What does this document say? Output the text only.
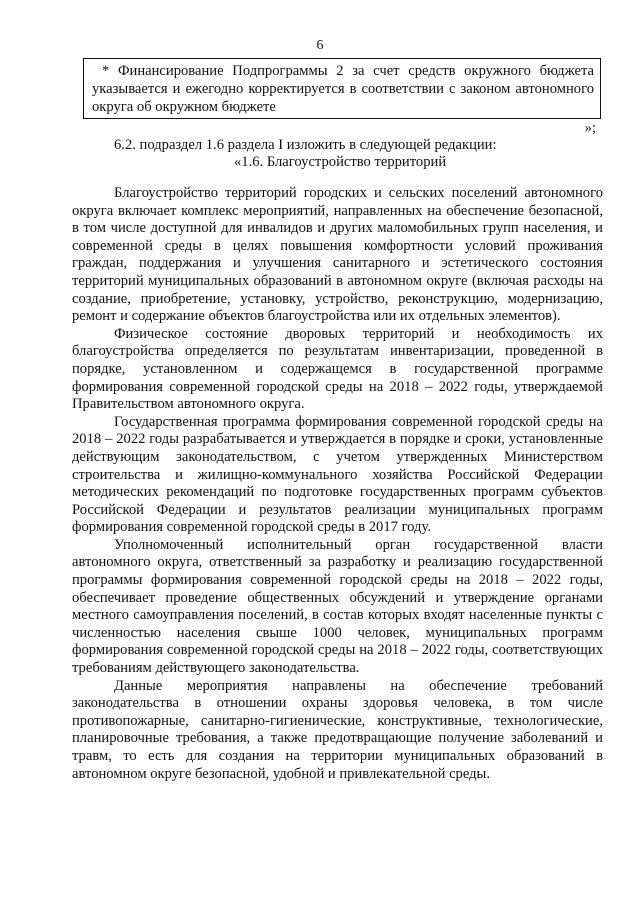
6
* Финансирование Подпрограммы 2 за счет средств окружного бюджета указывается и ежегодно корректируется в соответствии с законом автономного округа об окружном бюджете
»;
6.2. подраздел 1.6 раздела I изложить в следующей редакции:
«1.6. Благоустройство территорий

Благоустройство территорий городских и сельских поселений автономного округа включает комплекс мероприятий, направленных на обеспечение безопасной, в том числе доступной для инвалидов и других маломобильных групп населения, и современной среды в целях повышения комфортности условий проживания граждан, поддержания и улучшения санитарного и эстетического состояния территорий муниципальных образований в автономном округе (включая расходы на создание, приобретение, установку, устройство, реконструкцию, модернизацию, ремонт и содержание объектов благоустройства или их отдельных элементов).

Физическое состояние дворовых территорий и необходимость их благоустройства определяется по результатам инвентаризации, проведенной в порядке, установленном и содержащемся в государственной программе формирования современной городской среды на 2018 – 2022 годы, утверждаемой Правительством автономного округа.

Государственная программа формирования современной городской среды на 2018 – 2022 годы разрабатывается и утверждается в порядке и сроки, установленные действующим законодательством, с учетом утвержденных Министерством строительства и жилищно-коммунального хозяйства Российской Федерации методических рекомендаций по подготовке государственных программ субъектов Российской Федерации и результатов реализации муниципальных программ формирования современной городской среды в 2017 году.

Уполномоченный исполнительный орган государственной власти автономного округа, ответственный за разработку и реализацию государственной программы формирования современной городской среды на 2018 – 2022 годы, обеспечивает проведение общественных обсуждений и утверждение органами местного самоуправления поселений, в состав которых входят населенные пункты с численностью населения свыше 1000 человек, муниципальных программ формирования современной городской среды на 2018 – 2022 годы, соответствующих требованиям действующего законодательства.

Данные мероприятия направлены на обеспечение требований законодательства в отношении охраны здоровья человека, в том числе противопожарные, санитарно-гигиенические, конструктивные, технологические, планировочные требования, а также предотвращающие получение заболеваний и травм, то есть для создания на территории муниципальных образований в автономном округе безопасной, удобной и привлекательной среды.
